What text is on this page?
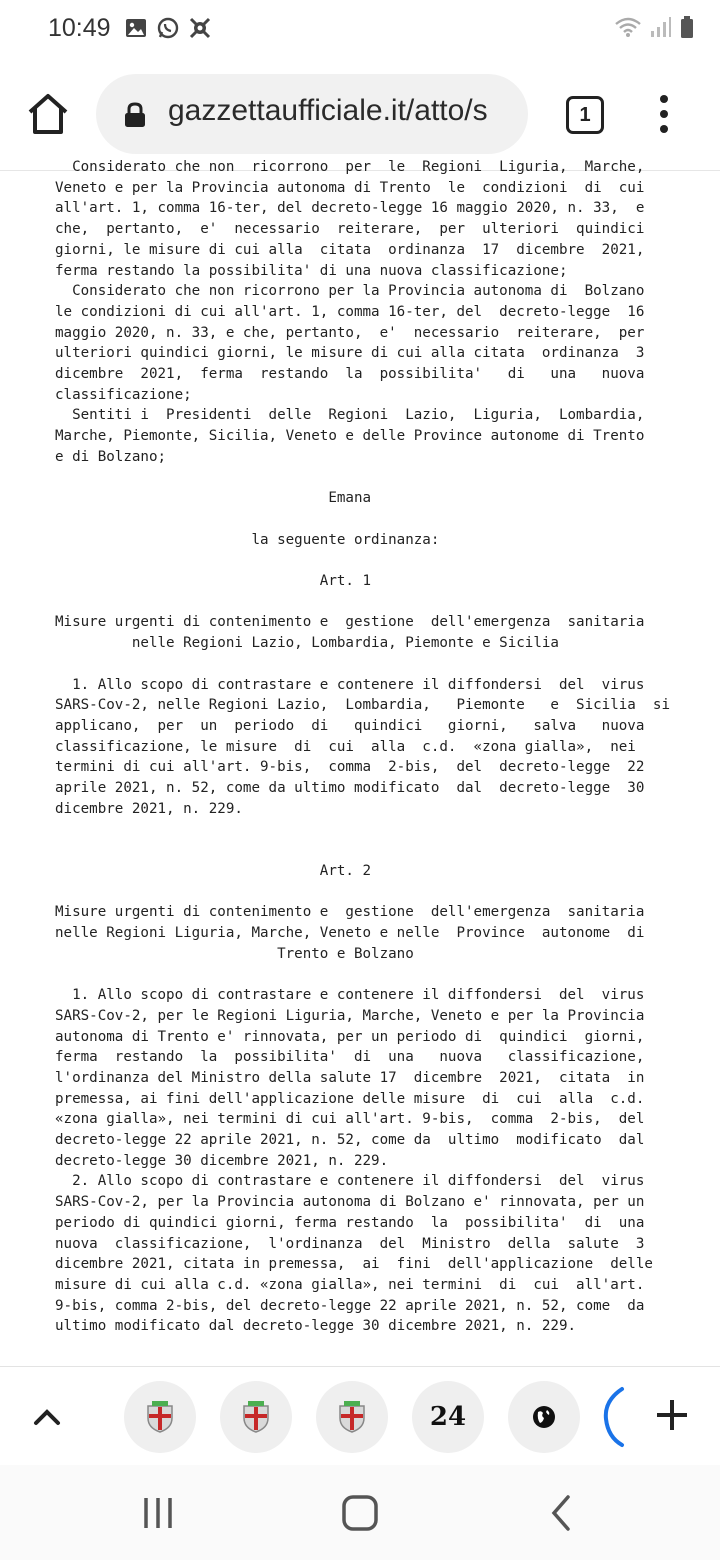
10:49
gazzettaufficiale.it/atto/s	1
Considerato che non  ricorrono  per  le  Regioni  Liguria,  Marche,
Veneto e per la Provincia autonoma di Trento  le  condizioni  di  cui
all'art. 1, comma 16-ter, del decreto-legge 16 maggio 2020, n. 33,  e
che,  pertanto,  e'  necessario  reiterare,  per  ulteriori  quindici
giorni, le misure di cui alla  citata  ordinanza  17  dicembre  2021,
ferma restando la possibilita' di una nuova classificazione;
Considerato che non ricorrono per la Provincia autonoma di  Bolzano
le condizioni di cui all'art. 1, comma 16-ter, del  decreto-legge  16
maggio 2020, n. 33, e che, pertanto,  e'  necessario  reiterare,  per
ulteriori quindici giorni, le misure di cui alla citata  ordinanza  3
dicembre  2021,  ferma  restando  la  possibilita'   di   una   nuova
classificazione;
Sentiti i  Presidenti  delle  Regioni  Lazio,  Liguria,  Lombardia,
Marche, Piemonte, Sicilia, Veneto e delle Province autonome di Trento
e di Bolzano;

Emana

la seguente ordinanza:

Art. 1

Misure urgenti di contenimento e  gestione  dell'emergenza  sanitaria
nelle Regioni Lazio, Lombardia, Piemonte e Sicilia

1. Allo scopo di contrastare e contenere il diffondersi  del  virus
SARS-Cov-2, nelle Regioni Lazio,  Lombardia,   Piemonte   e  Sicilia  si
applicano,  per  un  periodo  di   quindici   giorni,   salva   nuova
classificazione, le misure  di  cui  alla  c.d.  «zona gialla»,  nei
termini di cui all'art. 9-bis,  comma  2-bis,  del  decreto-legge  22
aprile 2021, n. 52, come da ultimo modificato  dal  decreto-legge  30
dicembre 2021, n. 229.

Art. 2

Misure urgenti di contenimento e  gestione  dell'emergenza  sanitaria
nelle Regioni Liguria, Marche, Veneto e nelle  Province  autonome  di
Trento e Bolzano

1. Allo scopo di contrastare e contenere il diffondersi  del  virus
SARS-Cov-2, per le Regioni Liguria, Marche, Veneto e per la Provincia
autonoma di Trento e' rinnovata, per un periodo di  quindici  giorni,
ferma  restando  la  possibilita'  di  una   nuova   classificazione,
l'ordinanza del Ministro della salute 17  dicembre  2021,  citata  in
premessa, ai fini dell'applicazione delle misure  di  cui  alla  c.d.
«zona gialla», nei termini di cui all'art. 9-bis,  comma  2-bis,  del
decreto-legge 22 aprile 2021, n. 52, come da  ultimo  modificato  dal
decreto-legge 30 dicembre 2021, n. 229.
2. Allo scopo di contrastare e contenere il diffondersi  del  virus
SARS-Cov-2, per la Provincia autonoma di Bolzano e' rinnovata, per un
periodo di quindici giorni, ferma restando  la  possibilita'  di  una
nuova  classificazione,  l'ordinanza  del  Ministro  della  salute  3
dicembre 2021, citata in premessa,  ai  fini  dell'applicazione  delle
misure di cui alla c.d. «zona gialla», nei termini  di  cui  all'art.
9-bis, comma 2-bis, del decreto-legge 22 aprile 2021, n. 52, come  da
ultimo modificato dal decreto-legge 30 dicembre 2021, n. 229.
24
